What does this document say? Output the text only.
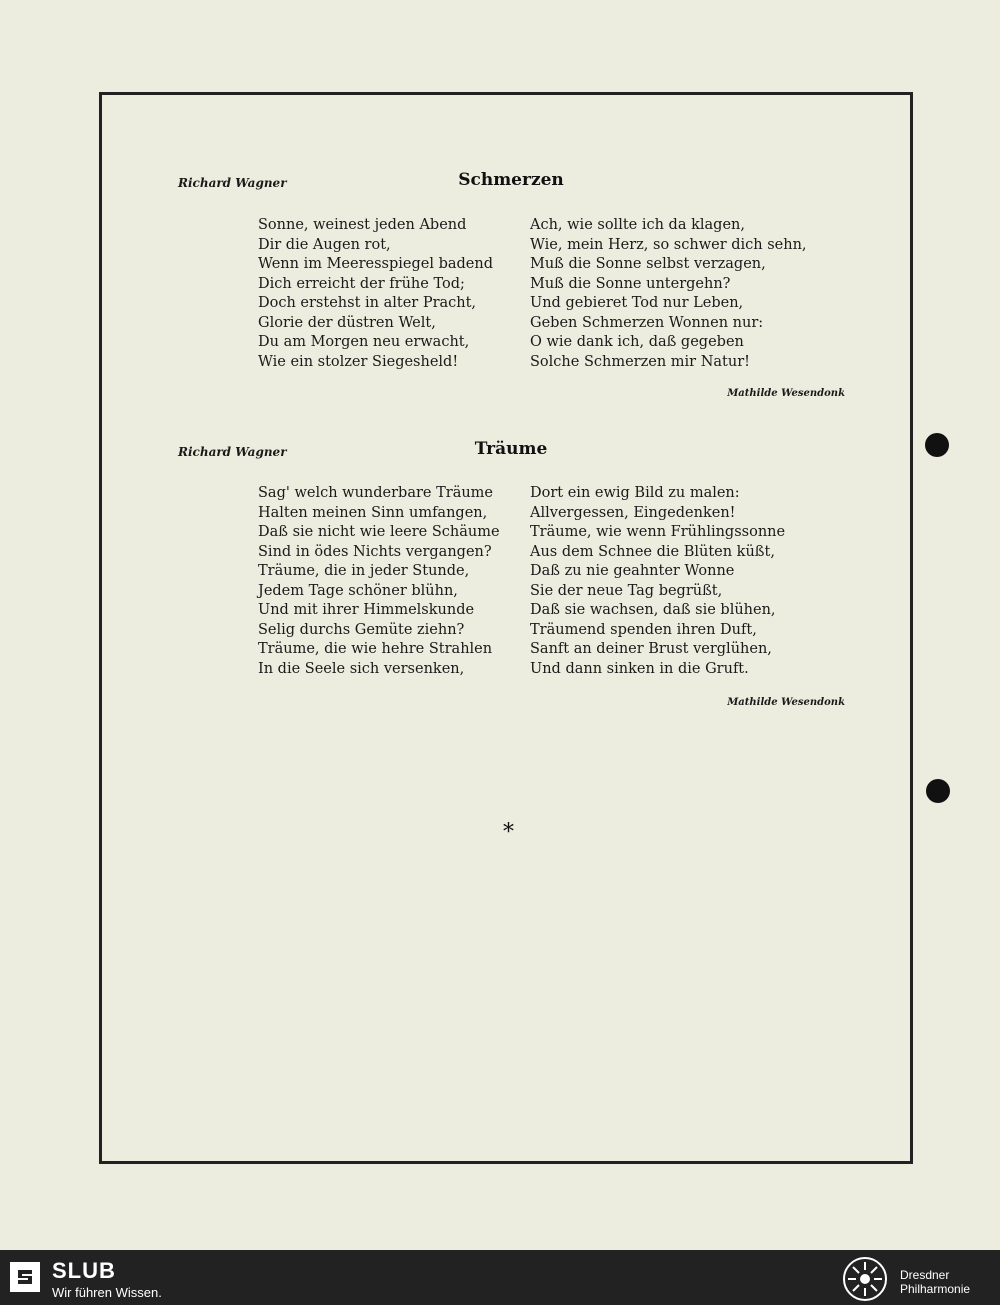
Richard Wagner	Schmerzen
Sonne, weinest jeden Abend
Dir die Augen rot,
Wenn im Meeresspiegel badend
Dich erreicht der frühe Tod;
Doch erstehst in alter Pracht,
Glorie der düstren Welt,
Du am Morgen neu erwacht,
Wie ein stolzer Siegesheld!
Ach, wie sollte ich da klagen,
Wie, mein Herz, so schwer dich sehn,
Muß die Sonne selbst verzagen,
Muß die Sonne untergehn?
Und gebieret Tod nur Leben,
Geben Schmerzen Wonnen nur:
O wie dank ich, daß gegeben
Solche Schmerzen mir Natur!
Mathilde Wesendonk
Richard Wagner	Träume
Sag' welch wunderbare Träume
Halten meinen Sinn umfangen,
Daß sie nicht wie leere Schäume
Sind in ödes Nichts vergangen?
Träume, die in jeder Stunde,
Jedem Tage schöner blühn,
Und mit ihrer Himmelskunde
Selig durchs Gemüte ziehn?
Träume, die wie hehre Strahlen
In die Seele sich versenken,
Dort ein ewig Bild zu malen:
Allvergessen, Eingedenken!
Träume, wie wenn Frühlingssonne
Aus dem Schnee die Blüten küßt,
Daß zu nie geahnter Wonne
Sie der neue Tag begrüßt,
Daß sie wachsen, daß sie blühen,
Träumend spenden ihren Duft,
Sanft an deiner Brust verglühen,
Und dann sinken in die Gruft.
Mathilde Wesendonk
*
SLUB
Wir führen Wissen.
Dresdner
Philharmonie
